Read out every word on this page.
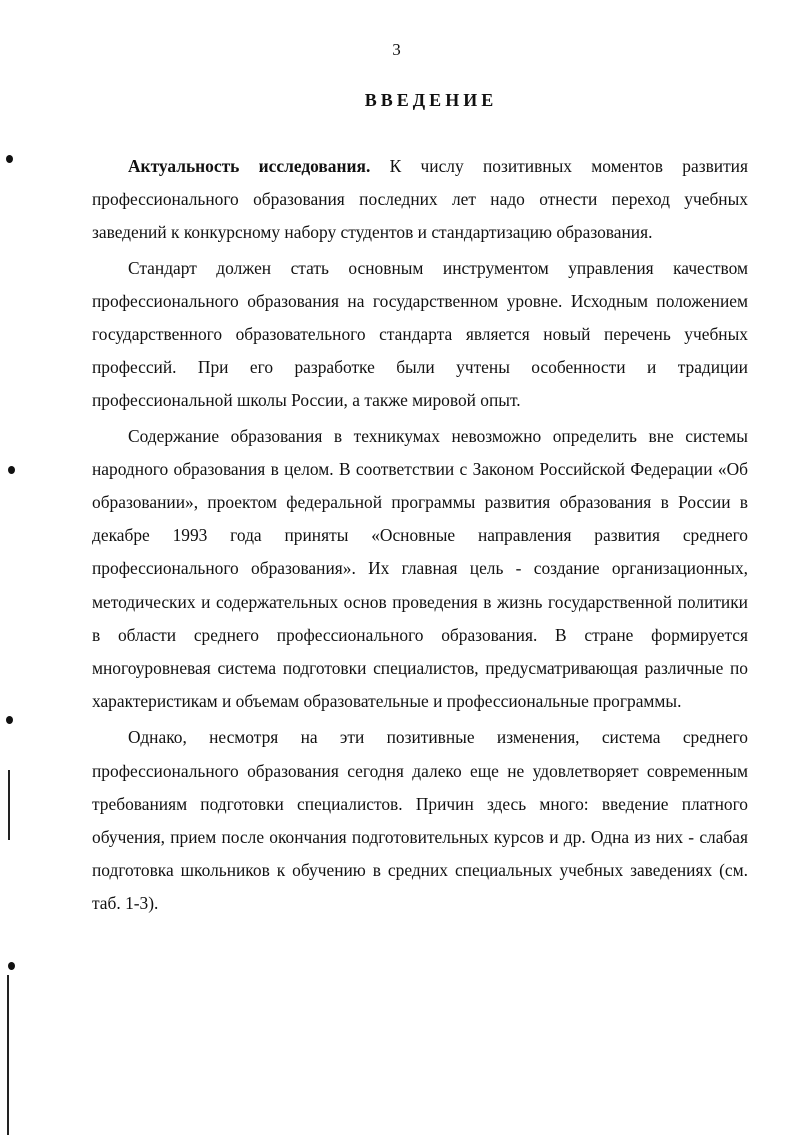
3
ВВЕДЕНИЕ

Актуальность исследования. К числу позитивных моментов развития профессионального образования последних лет надо отнести переход учебных заведений к конкурсному набору студентов и стандартизацию образования.

Стандарт должен стать основным инструментом управления качеством профессионального образования на государственном уровне. Исходным положением государственного образовательного стандарта является новый перечень учебных профессий. При его разработке были учтены особенности и традиции профессиональной школы России, а также мировой опыт.

Содержание образования в техникумах невозможно определить вне системы народного образования в целом. В соответствии с Законом Российской Федерации «Об образовании», проектом федеральной программы развития образования в России в декабре 1993 года приняты «Основные направления развития среднего профессионального образования». Их главная цель - создание организационных, методических и содержательных основ проведения в жизнь государственной политики в области среднего профессионального образования. В стране формируется многоуровневая система подготовки специалистов, предусматривающая различные по характеристикам и объемам образовательные и профессиональные программы.

Однако, несмотря на эти позитивные изменения, система среднего профессионального образования сегодня далеко еще не удовлетворяет современным требованиям подготовки специалистов. Причин здесь много: введение платного обучения, прием после окончания подготовительных курсов и др. Одна из них - слабая подготовка школьников к обучению в средних специальных учебных заведениях (см. таб. 1-3).
